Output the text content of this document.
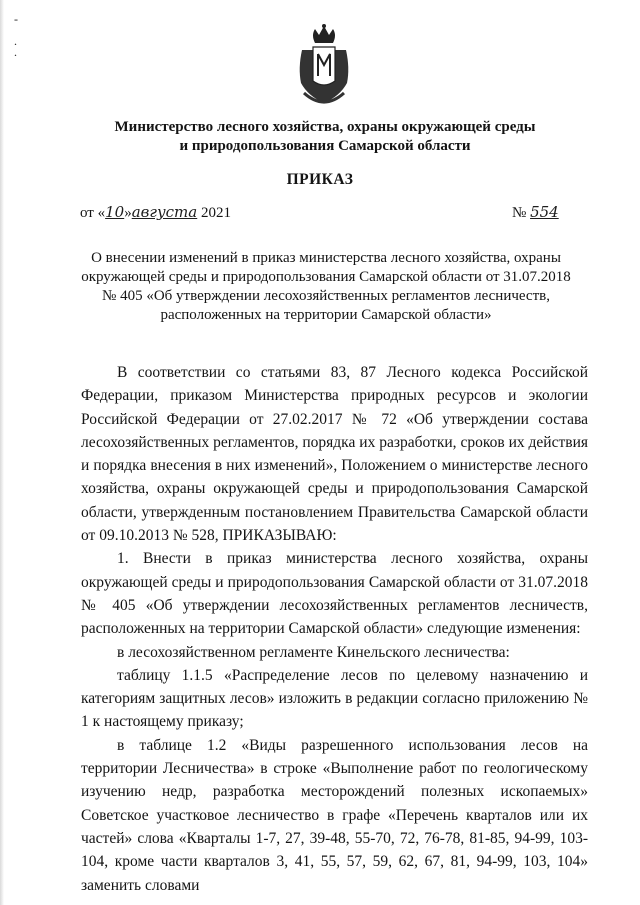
-

.
.
Министерство лесного хозяйства, охраны окружающей среды
и природопользования Самарской области
ПРИКАЗ
от «10»августа 2021	№ 554
О внесении изменений в приказ министерства лесного хозяйства, охраны
окружающей среды и природопользования Самарской области от 31.07.2018
№ 405 «Об утверждении лесохозяйственных регламентов лесничеств,
расположенных на территории Самарской области»

В соответствии со статьями 83, 87 Лесного кодекса Российской Федерации, приказом Министерства природных ресурсов и экологии Российской Федерации от 27.02.2017 № 72 «Об утверждении состава лесохозяйственных регламентов, порядка их разработки, сроков их действия и порядка внесения в них изменений», Положением о министерстве лесного хозяйства, охраны окружающей среды и природопользования Самарской области, утвержденным постановлением Правительства Самарской области от 09.10.2013 № 528, ПРИКАЗЫВАЮ:

1. Внести в приказ министерства лесного хозяйства, охраны окружающей среды и природопользования Самарской области от 31.07.2018 № 405 «Об утверждении лесохозяйственных регламентов лесничеств, расположенных на территории Самарской области» следующие изменения:

в лесохозяйственном регламенте Кинельского лесничества:

таблицу 1.1.5 «Распределение лесов по целевому назначению и категориям защитных лесов» изложить в редакции согласно приложению № 1 к настоящему приказу;

в таблице 1.2 «Виды разрешенного использования лесов на территории Лесничества» в строке «Выполнение работ по геологическому изучению недр, разработка месторождений полезных ископаемых» Советское участковое лесничество в графе «Перечень кварталов или их частей» слова «Кварталы 1-7, 27, 39-48, 55-70, 72, 76-78, 81-85, 94-99, 103-104, кроме части кварталов 3, 41, 55, 57, 59, 62, 67, 81, 94-99, 103, 104» заменить словами
